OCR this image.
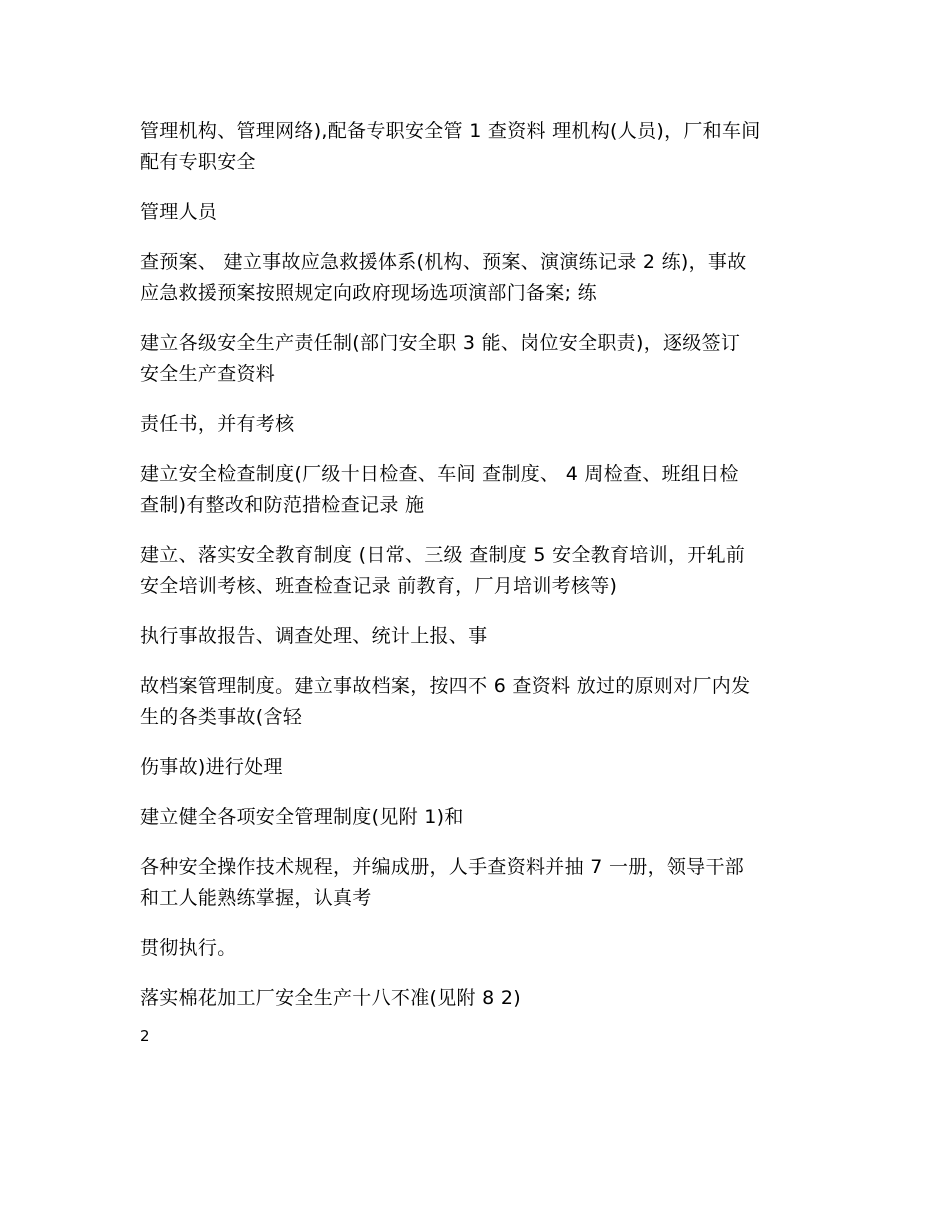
管理机构、管理网络),配备专职安全管 1 查资料 理机构(人员)，厂和车间
配有专职安全

管理人员

查预案、 建立事故应急救援体系(机构、预案、演演练记录 2 练)，事故
应急救援预案按照规定向政府现场选项演部门备案; 练

建立各级安全生产责任制(部门安全职 3 能、岗位安全职责)，逐级签订
安全生产查资料

责任书，并有考核

建立安全检查制度(厂级十日检查、车间 查制度、 4 周检查、班组日检
查制)有整改和防范措检查记录 施

建立、落实安全教育制度 (日常、三级 查制度 5 安全教育培训，开轧前
安全培训考核、班查检查记录 前教育，厂月培训考核等)

执行事故报告、调查处理、统计上报、事

故档案管理制度。建立事故档案，按四不 6 查资料 放过的原则对厂内发
生的各类事故(含轻

伤事故)进行处理

建立健全各项安全管理制度(见附 1)和

各种安全操作技术规程，并编成册，人手查资料并抽 7 一册，领导干部
和工人能熟练掌握，认真考

贯彻执行。

落实棉花加工厂安全生产十八不准(见附 8 2)

2
